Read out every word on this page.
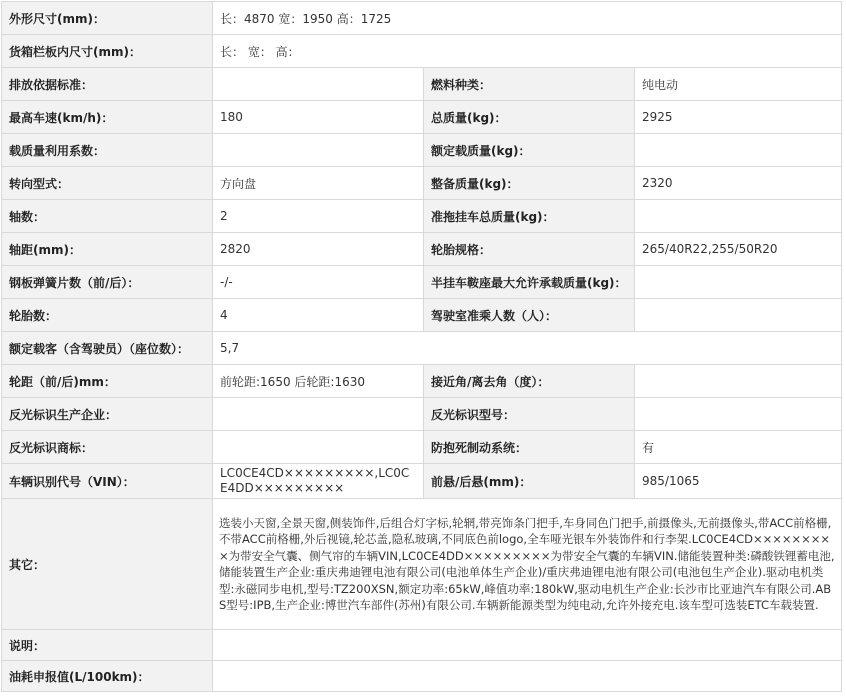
外形尺寸(mm)：	长：4870 宽：1950 高：1725		
货箱栏板内尺寸(mm)：	长： 宽： 高：		
排放依据标准：		燃料种类：	纯电动
最高车速(km/h)：	180	总质量(kg)：	2925
载质量利用系数：		额定载质量(kg)：	
转向型式：	方向盘	整备质量(kg)：	2320
轴数：	2	准拖挂车总质量(kg)：	
轴距(mm)：	2820	轮胎规格：	265/40R22,255/50R20
钢板弹簧片数（前/后）：	-/-	半挂车鞍座最大允许承载质量(kg)：	
轮胎数：	4	驾驶室准乘人数（人）：	
额定载客（含驾驶员）（座位数）：	5,7		
轮距（前/后)mm：	前轮距:1650 后轮距:1630	接近角/离去角（度）：	
反光标识生产企业：		反光标识型号：	
反光标识商标：		防抱死制动系统：	有
车辆识别代号（VIN）：	LC0CE4CD×××××××××,LC0CE4DD×××××××××	前悬/后悬(mm)：	985/1065
其它：	选装小天窗,全景天窗,侧装饰件,后组合灯字标,轮辋,带亮饰条门把手,车身同色门把手,前摄像头,无前摄像头,带ACC前格栅,不带ACC前格栅,外后视镜,轮芯盖,隐私玻璃,不同底色前logo,全车哑光银车外装饰件和行李架.LC0CE4CD×××××××××为带安全气囊、侧气帘的车辆VIN,LC0CE4DD×××××××××为带安全气囊的车辆VIN.储能装置种类:磷酸铁锂蓄电池,储能装置生产企业:重庆弗迪锂电池有限公司(电池单体生产企业)/重庆弗迪锂电池有限公司(电池包生产企业).驱动电机类型:永磁同步电机,型号:TZ200XSN,额定功率:65kW,峰值功率:180kW,驱动电机生产企业:长沙市比亚迪汽车有限公司.ABS型号:IPB,生产企业:博世汽车部件(苏州)有限公司.车辆新能源类型为纯电动,允许外接充电.该车型可选装ETC车载装置.		
说明：			
油耗申报值(L/100km)：			
